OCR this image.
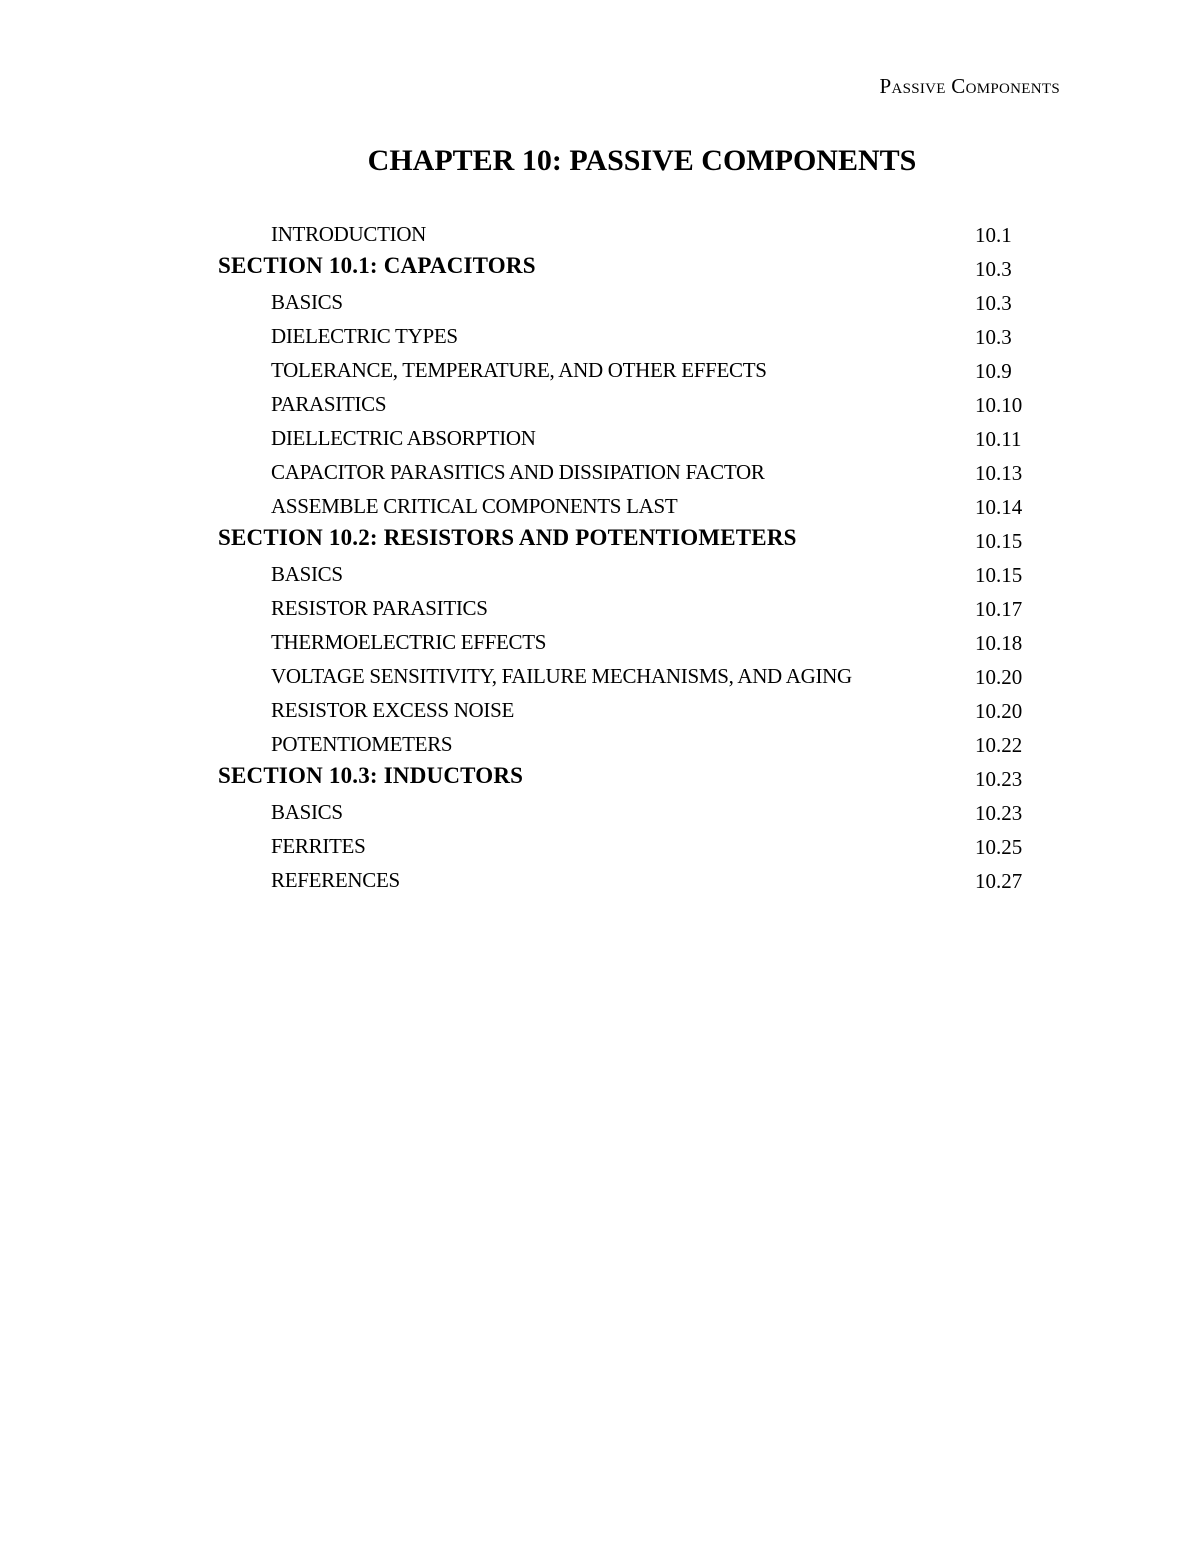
Passive Components
CHAPTER 10: PASSIVE COMPONENTS
INTRODUCTION	10.1
SECTION 10.1: CAPACITORS	10.3
BASICS	10.3
DIELECTRIC TYPES	10.3
TOLERANCE, TEMPERATURE, AND OTHER EFFECTS	10.9
PARASITICS	10.10
DIELLECTRIC ABSORPTION	10.11
CAPACITOR PARASITICS AND DISSIPATION FACTOR	10.13
ASSEMBLE CRITICAL COMPONENTS LAST	10.14
SECTION 10.2: RESISTORS AND POTENTIOMETERS	10.15
BASICS	10.15
RESISTOR PARASITICS	10.17
THERMOELECTRIC EFFECTS	10.18
VOLTAGE SENSITIVITY, FAILURE MECHANISMS, AND AGING	10.20
RESISTOR EXCESS NOISE	10.20
POTENTIOMETERS	10.22
SECTION 10.3: INDUCTORS	10.23
BASICS	10.23
FERRITES	10.25
REFERENCES	10.27
